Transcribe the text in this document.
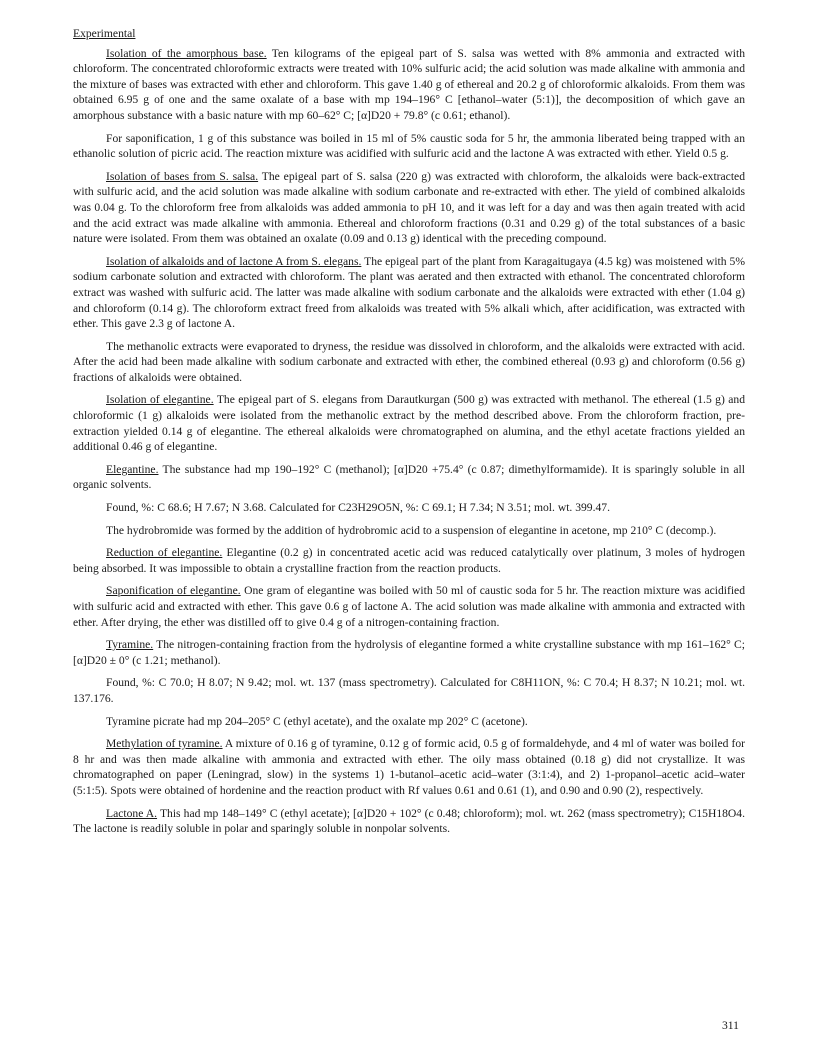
Experimental

Isolation of the amorphous base. Ten kilograms of the epigeal part of S. salsa was wetted with 8% ammonia and extracted with chloroform. The concentrated chloroformic extracts were treated with 10% sulfuric acid; the acid solution was made alkaline with ammonia and the mixture of bases was extracted with ether and chloroform. This gave 1.40 g of ethereal and 20.2 g of chloroformic alkaloids. From them was obtained 6.95 g of one and the same oxalate of a base with mp 194–196° C [ethanol–water (5:1)], the decomposition of which gave an amorphous substance with a basic nature with mp 60–62° C; [α]D20 + 79.8° (c 0.61; ethanol).

For saponification, 1 g of this substance was boiled in 15 ml of 5% caustic soda for 5 hr, the ammonia liberated being trapped with an ethanolic solution of picric acid. The reaction mixture was acidified with sulfuric acid and the lactone A was extracted with ether. Yield 0.5 g.

Isolation of bases from S. salsa. The epigeal part of S. salsa (220 g) was extracted with chloroform, the alkaloids were back-extracted with sulfuric acid, and the acid solution was made alkaline with sodium carbonate and re-extracted with ether. The yield of combined alkaloids was 0.04 g. To the chloroform free from alkaloids was added ammonia to pH 10, and it was left for a day and was then again treated with acid and the acid extract was made alkaline with ammonia. Ethereal and chloroform fractions (0.31 and 0.29 g) of the total substances of a basic nature were isolated. From them was obtained an oxalate (0.09 and 0.13 g) identical with the preceding compound.

Isolation of alkaloids and of lactone A from S. elegans. The epigeal part of the plant from Karagaitugaya (4.5 kg) was moistened with 5% sodium carbonate solution and extracted with chloroform. The plant was aerated and then extracted with ethanol. The concentrated chloroform extract was washed with sulfuric acid. The latter was made alkaline with sodium carbonate and the alkaloids were extracted with ether (1.04 g) and chloroform (0.14 g). The chloroform extract freed from alkaloids was treated with 5% alkali which, after acidification, was extracted with ether. This gave 2.3 g of lactone A.

The methanolic extracts were evaporated to dryness, the residue was dissolved in chloroform, and the alkaloids were extracted with acid. After the acid had been made alkaline with sodium carbonate and extracted with ether, the combined ethereal (0.93 g) and chloroform (0.56 g) fractions of alkaloids were obtained.

Isolation of elegantine. The epigeal part of S. elegans from Darautkurgan (500 g) was extracted with methanol. The ethereal (1.5 g) and chloroformic (1 g) alkaloids were isolated from the methanolic extract by the method described above. From the chloroform fraction, pre-extraction yielded 0.14 g of elegantine. The ethereal alkaloids were chromatographed on alumina, and the ethyl acetate fractions yielded an additional 0.46 g of elegantine.

Elegantine. The substance had mp 190–192° C (methanol); [α]D20 +75.4° (c 0.87; dimethylformamide). It is sparingly soluble in all organic solvents.

Found, %: C 68.6; H 7.67; N 3.68. Calculated for C23H29O5N, %: C 69.1; H 7.34; N 3.51; mol. wt. 399.47.

The hydrobromide was formed by the addition of hydrobromic acid to a suspension of elegantine in acetone, mp 210° C (decomp.).

Reduction of elegantine. Elegantine (0.2 g) in concentrated acetic acid was reduced catalytically over platinum, 3 moles of hydrogen being absorbed. It was impossible to obtain a crystalline fraction from the reaction products.

Saponification of elegantine. One gram of elegantine was boiled with 50 ml of caustic soda for 5 hr. The reaction mixture was acidified with sulfuric acid and extracted with ether. This gave 0.6 g of lactone A. The acid solution was made alkaline with ammonia and extracted with ether. After drying, the ether was distilled off to give 0.4 g of a nitrogen-containing fraction.

Tyramine. The nitrogen-containing fraction from the hydrolysis of elegantine formed a white crystalline substance with mp 161–162° C; [α]D20 ± 0° (c 1.21; methanol).

Found, %: C 70.0; H 8.07; N 9.42; mol. wt. 137 (mass spectrometry). Calculated for C8H11ON, %: C 70.4; H 8.37; N 10.21; mol. wt. 137.176.

Tyramine picrate had mp 204–205° C (ethyl acetate), and the oxalate mp 202° C (acetone).

Methylation of tyramine. A mixture of 0.16 g of tyramine, 0.12 g of formic acid, 0.5 g of formaldehyde, and 4 ml of water was boiled for 8 hr and was then made alkaline with ammonia and extracted with ether. The oily mass obtained (0.18 g) did not crystallize. It was chromatographed on paper (Leningrad, slow) in the systems 1) 1-butanol–acetic acid–water (3:1:4), and 2) 1-propanol–acetic acid–water (5:1:5). Spots were obtained of hordenine and the reaction product with Rf values 0.61 and 0.61 (1), and 0.90 and 0.90 (2), respectively.

Lactone A. This had mp 148–149° C (ethyl acetate); [α]D20 + 102° (c 0.48; chloroform); mol. wt. 262 (mass spectrometry); C15H18O4. The lactone is readily soluble in polar and sparingly soluble in nonpolar solvents.

311
